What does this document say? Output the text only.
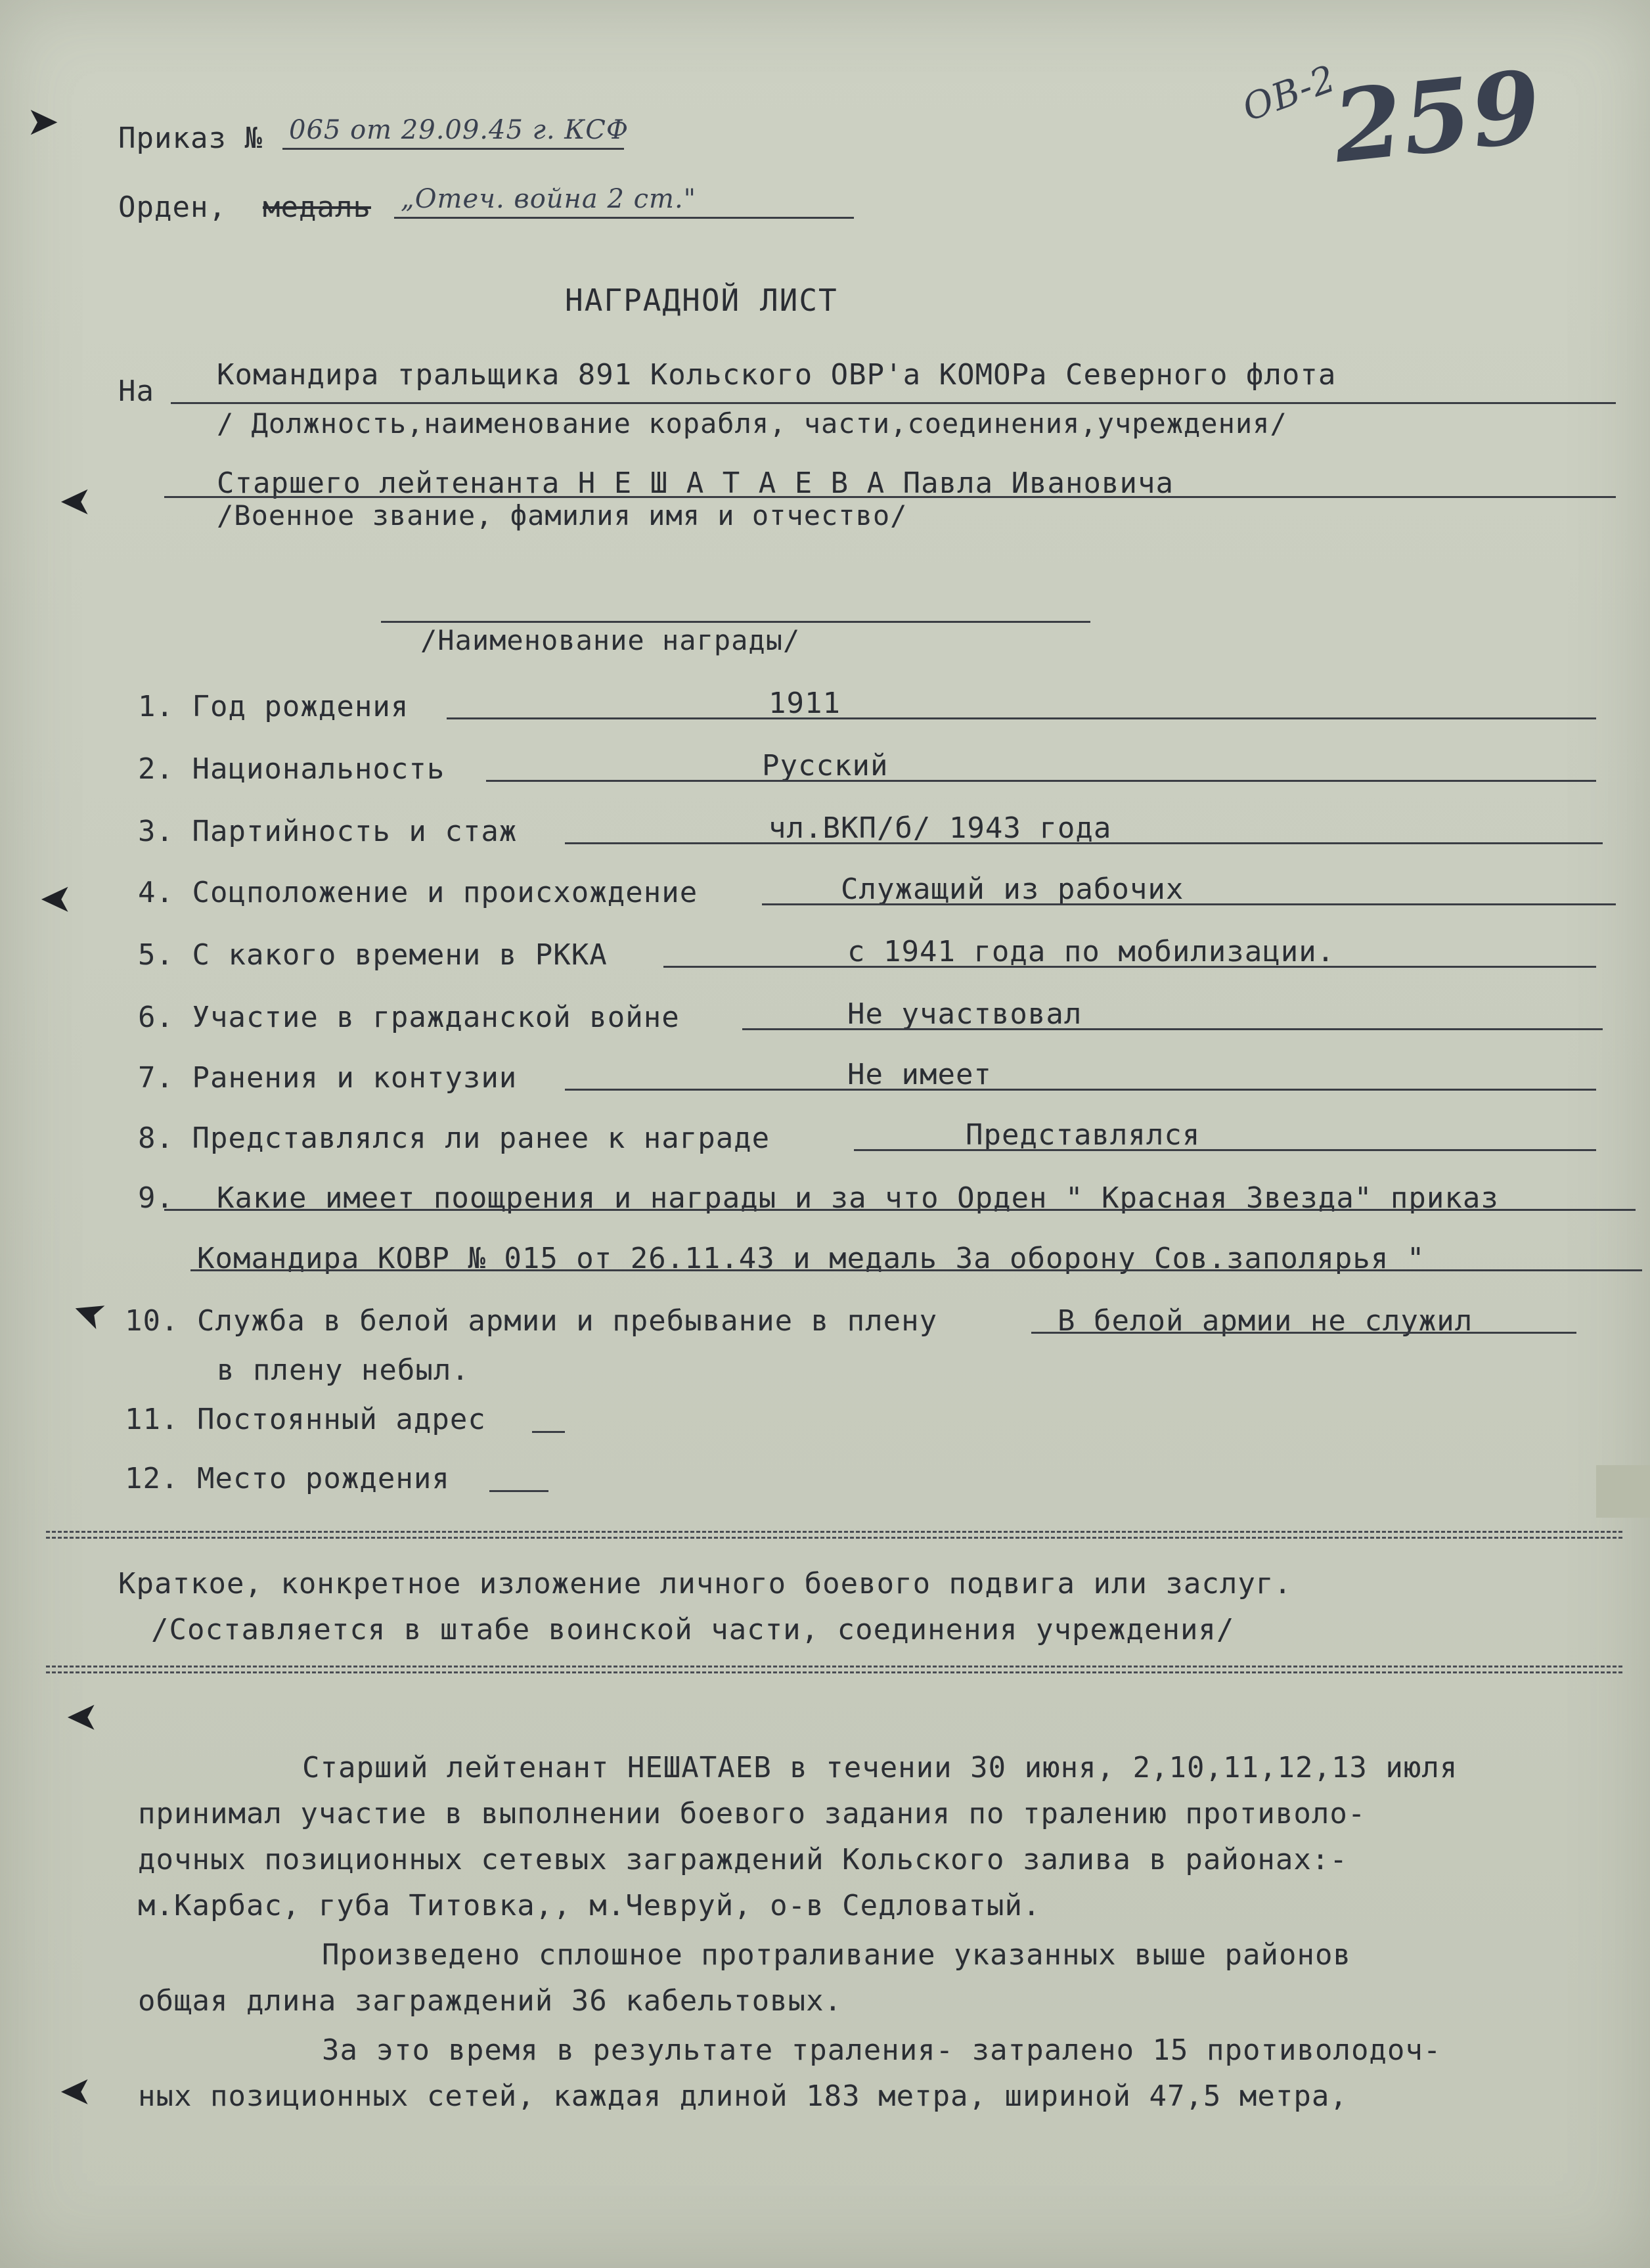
➤
➤
➤
➤
➤
➤
ОВ-2
259
Приказ № 065 от 29.09.45 г. КСФ
Орден, медаль „Отеч. война 2 ст."
НАГРАДНОЙ ЛИСТ
На Командира тральщика 891 Кольского ОВР'а КОМОРа Северного флота
/ Должность,наименование корабля, части,соединения,учреждения/
Старшего лейтенанта Н Е Ш А Т А Е В А Павла Ивановича
/Военное звание, фамилия имя и отчество/
/Наименование награды/
1. Год рождения	1911
2. Национальность	Русский
3. Партийность и стаж	чл.ВКП/б/ 1943 года
4. Соцположение и происхождение	Служащий из рабочих
5. С какого времени в РККА	с 1941 года по мобилизации.
6. Участие в гражданской войне	Не участвовал
7. Ранения и контузии	Не имеет
8. Представлялся ли ранее к награде	Представлялся
9. Какие имеет поощрения и награды и за что Орден " Красная Звезда" приказ
Командира КОВР № 015 от 26.11.43 и медаль За оборону Сов.заполярья "
10. Служба в белой армии и пребывание в плену	В белой армии не служил
в плену небыл.
11. Постоянный адрес
12. Место рождения
Краткое, конкретное изложение личного боевого подвига или заслуг.
/Составляется в штабе воинской части, соединения учреждения/
Старший лейтенант НЕШАТАЕВ в течении 30 июня, 2,10,11,12,13 июля
принимал участие в выполнении боевого задания по тралению противоло-
дочных позиционных сетевых заграждений Кольского залива в районах:-
м.Карбас, губа Титовка,, м.Чевруй, о-в Седловатый.
Произведено сплошное протраливание указанных выше районов
общая длина заграждений 36 кабельтовых.
За это время в результате траления- затралено 15 противолодоч-
ных позиционных сетей, каждая длиной 183 метра, шириной 47,5 метра,
